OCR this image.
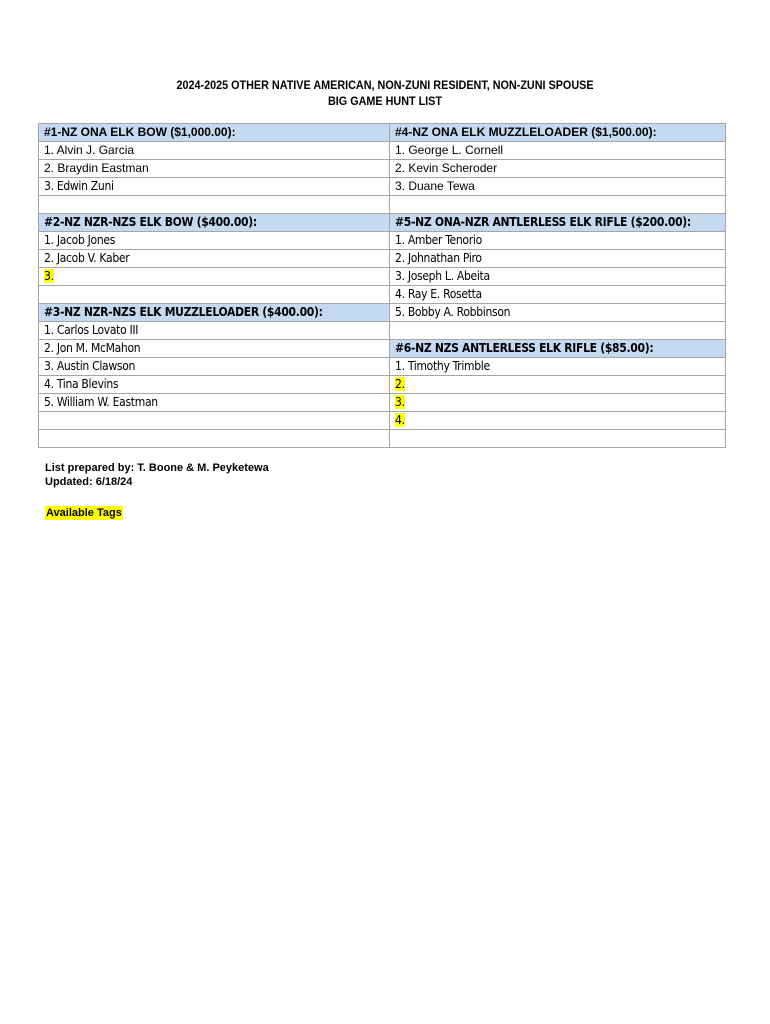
2024-2025 OTHER NATIVE AMERICAN, NON-ZUNI RESIDENT, NON-ZUNI SPOUSE
BIG GAME HUNT LIST
#1-NZ ONA ELK BOW ($1,000.00):	#4-NZ ONA ELK MUZZLELOADER ($1,500.00):
1. Alvin J. Garcia	1. George L. Cornell
2. Braydin Eastman	2. Kevin Scheroder
3. Edwin Zuni	3. Duane Tewa

#2-NZ NZR-NZS ELK BOW ($400.00):	#5-NZ ONA-NZR ANTLERLESS ELK RIFLE ($200.00):
1. Jacob Jones	1. Amber Tenorio
2. Jacob V. Kaber	2. Johnathan Piro
3.	3. Joseph L. Abeita
	4. Ray E. Rosetta
#3-NZ NZR-NZS ELK MUZZLELOADER ($400.00):	5. Bobby A. Robbinson
1. Carlos Lovato III	
2. Jon M. McMahon	#6-NZ NZS ANTLERLESS ELK RIFLE ($85.00):
3. Austin Clawson	1. Timothy Trimble
4. Tina Blevins	2.
5. William W. Eastman	3.
	4.

List prepared by: T. Boone & M. Peyketewa
Updated: 6/18/24
Available Tags
